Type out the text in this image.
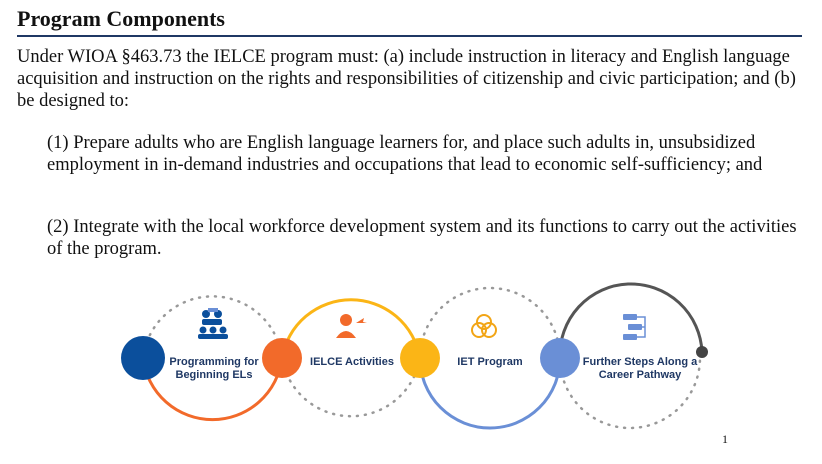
Program Components

Under WIOA §463.73 the IELCE program must: (a) include instruction in literacy and English language acquisition and instruction on the rights and responsibilities of citizenship and civic participation; and (b) be designed to:

(1) Prepare adults who are English language learners for, and place such adults in, unsubsidized employment in in-demand industries and occupations that lead to economic self-sufficiency; and

(2) Integrate with the local workforce development system and its functions to carry out the activities of the program.

Programming for
Beginning ELs
IELCE Activities	IET Program	Further Steps Along a
Career Pathway
1
